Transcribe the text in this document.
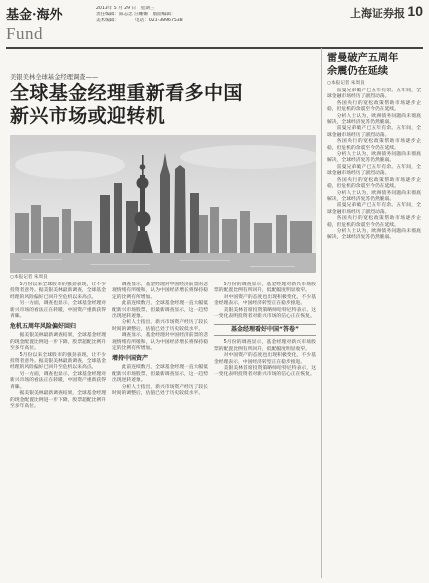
基金·海外
Fund
2013年 5 月 29 日　星期三
责任编辑：陈志忠 汪姗姗　版面编辑：
美术编辑：　　　　电话：021-38967538
上海证券报 10
美银美林全球基金经理调查——
全球基金经理重新看多中国
新兴市场或迎转机
○本报记者 朱周良

5月份以来全球股市的强劲表现，让不少投资者意外。据美银美林最新调查，全球基金经理的风险偏好已回升至危机以来高点。

另一方面，调查也显示，全球基金经理对新兴市场的看法正在转暖，中国资产重新获得青睐。

危机五周年风险偏好回归

据美银美林最新调查结果，全球基金经理的现金配置比例进一步下降，股票超配比例升至多年高位。

5月份以来全球股市的强劲表现，让不少投资者意外。据美银美林最新调查，全球基金经理的风险偏好已回升至危机以来高点。

另一方面，调查也显示，全球基金经理对新兴市场的看法正在转暖，中国资产重新获得青睐。

据美银美林最新调查结果，全球基金经理的现金配置比例进一步下降，股票超配比例升至多年高位。

调查显示，基金经理对中国经济前景的悲观情绪有所缓和，认为中国经济增长将保持稳定的比例有所增加。

此前连续数月，全球基金经理一直大幅低配新兴市场股票，但最新调查显示，这一趋势出现逆转迹象。

分析人士指出，新兴市场资产经历了较长时间的调整后，估值已处于历史较低水平。

调查显示，基金经理对中国经济前景的悲观情绪有所缓和，认为中国经济增长将保持稳定的比例有所增加。

增持中国资产

此前连续数月，全球基金经理一直大幅低配新兴市场股票，但最新调查显示，这一趋势出现逆转迹象。

分析人士指出，新兴市场资产经历了较长时间的调整后，估值已处于历史较低水平。

5月份的调查显示，基金经理对新兴市场股票的配置比例有所回升，低配幅度明显收窄。

对中国资产的态度也出现积极变化，不少基金经理表示，中国经济转型正在稳步推进。

美银美林首席投资策略师哈特尼特表示，这一变化表明投资者对新兴市场的信心正在恢复。

基金经理看好中国“答卷”

5月份的调查显示，基金经理对新兴市场股票的配置比例有所回升，低配幅度明显收窄。

对中国资产的态度也出现积极变化，不少基金经理表示，中国经济转型正在稳步推进。

美银美林首席投资策略师哈特尼特表示，这一变化表明投资者对新兴市场的信心正在恢复。

雷曼破产五周年
余震仍在延续
○本报记者 朱周良

雷曼兄弟破产已五年有余。五年间，全球金融市场经历了剧烈动荡。

各国央行的宽松政策帮助市场逐步企稳，但危机的余震至今仍在延续。

分析人士认为，欧洲债务问题尚未彻底解决，全球经济复苏仍然脆弱。

雷曼兄弟破产已五年有余。五年间，全球金融市场经历了剧烈动荡。

各国央行的宽松政策帮助市场逐步企稳，但危机的余震至今仍在延续。

分析人士认为，欧洲债务问题尚未彻底解决，全球经济复苏仍然脆弱。

雷曼兄弟破产已五年有余。五年间，全球金融市场经历了剧烈动荡。

各国央行的宽松政策帮助市场逐步企稳，但危机的余震至今仍在延续。

分析人士认为，欧洲债务问题尚未彻底解决，全球经济复苏仍然脆弱。

雷曼兄弟破产已五年有余。五年间，全球金融市场经历了剧烈动荡。

各国央行的宽松政策帮助市场逐步企稳，但危机的余震至今仍在延续。

分析人士认为，欧洲债务问题尚未彻底解决，全球经济复苏仍然脆弱。
